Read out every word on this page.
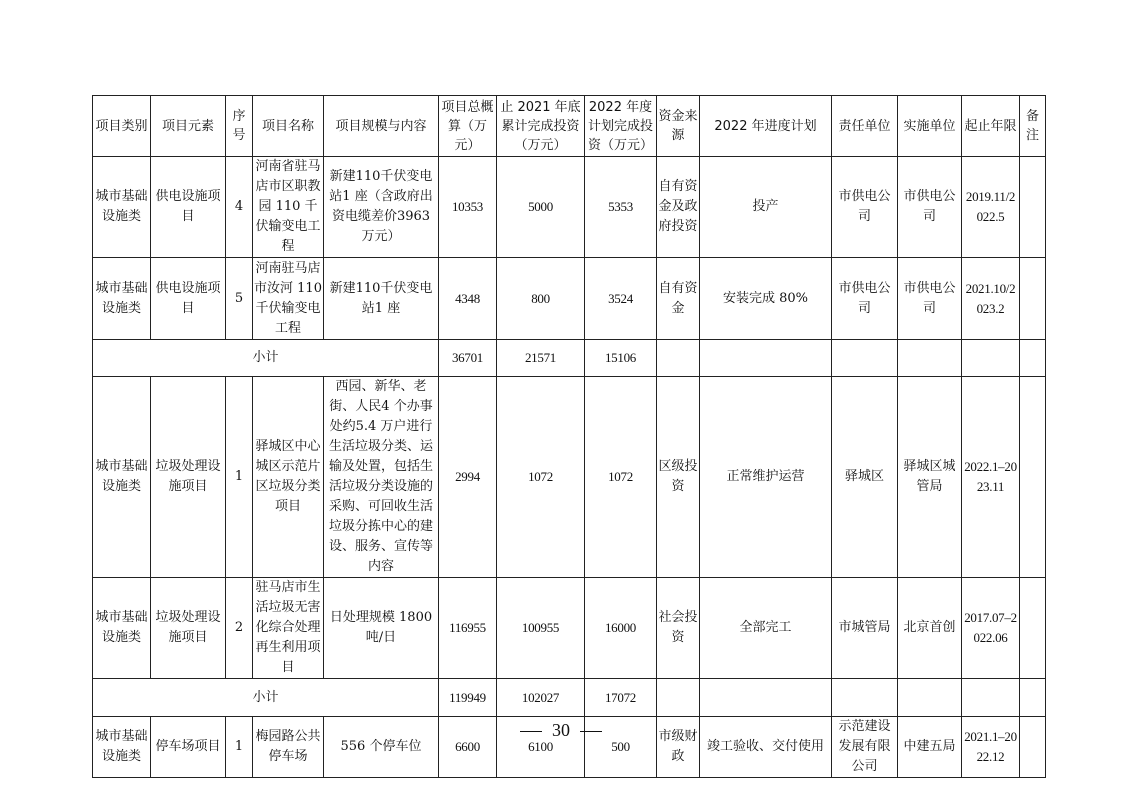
项目类别	项目元素	序号	项目名称	项目规模与内容	项目总概算（万元）	止 2021 年底累计完成投资（万元）	2022 年度计划完成投资（万元）	资金来源	2022 年进度计划	责任单位	实施单位	起止年限	备注
城市基础设施类	供电设施项目	4	河南省驻马店市区职教园 110 千伏输变电工程	新建110千伏变电站1 座（含政府出资电缆差价3963 万元）	10353	5000	5353	自有资金及政府投资	投产	市供电公司	市供电公司	2019.11/2022.5	
城市基础设施类	供电设施项目	5	河南驻马店市汝河 110 千伏输变电工程	新建110千伏变电站1 座	4348	800	3524	自有资金	安装完成 80%	市供电公司	市供电公司	2021.10/2023.2	
小计					36701	21571	15106						
城市基础设施类	垃圾处理设施项目	1	驿城区中心城区示范片区垃圾分类项目	西园、新华、老街、人民4 个办事处约5.4 万户进行生活垃圾分类、运输及处置，包括生活垃圾分类设施的采购、可回收生活垃圾分拣中心的建设、服务、宣传等内容	2994	1072	1072	区级投资	正常维护运营	驿城区	驿城区城管局	2022.1–2023.11	
城市基础设施类	垃圾处理设施项目	2	驻马店市生活垃圾无害化综合处理再生利用项目	日处理规模 1800 吨/日	116955	100955	16000	社会投资	全部完工	市城管局	北京首创	2017.07–2022.06	
小计					119949	102027	17072						
城市基础设施类	停车场项目	1	梅园路公共停车场	556 个停车位	6600	6100	500	市级财政	竣工验收、交付使用	示范建设发展有限公司	中建五局	2021.1–2022.12	
30
